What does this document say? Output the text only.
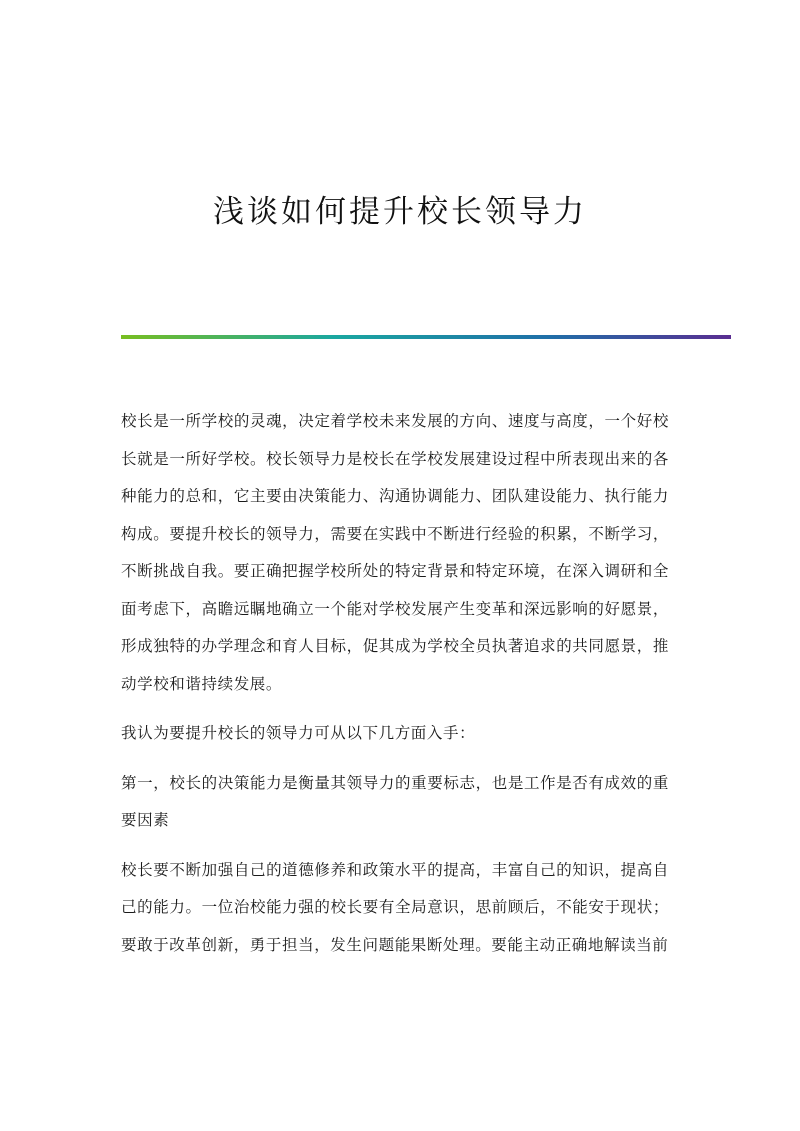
浅谈如何提升校长领导力

校长是一所学校的灵魂，决定着学校未来发展的方向、速度与高度，一个好校长就是一所好学校。校长领导力是校长在学校发展建设过程中所表现出来的各种能力的总和，它主要由决策能力、沟通协调能力、团队建设能力、执行能力构成。要提升校长的领导力，需要在实践中不断进行经验的积累，不断学习，不断挑战自我。要正确把握学校所处的特定背景和特定环境，在深入调研和全面考虑下，高瞻远瞩地确立一个能对学校发展产生变革和深远影响的好愿景，形成独特的办学理念和育人目标，促其成为学校全员执著追求的共同愿景，推动学校和谐持续发展。

我认为要提升校长的领导力可从以下几方面入手：

第一，校长的决策能力是衡量其领导力的重要标志，也是工作是否有成效的重要因素

校长要不断加强自己的道德修养和政策水平的提高，丰富自己的知识，提高自己的能力。一位治校能力强的校长要有全局意识，思前顾后，不能安于现状；要敢于改革创新，勇于担当，发生问题能果断处理。要能主动正确地解读当前
